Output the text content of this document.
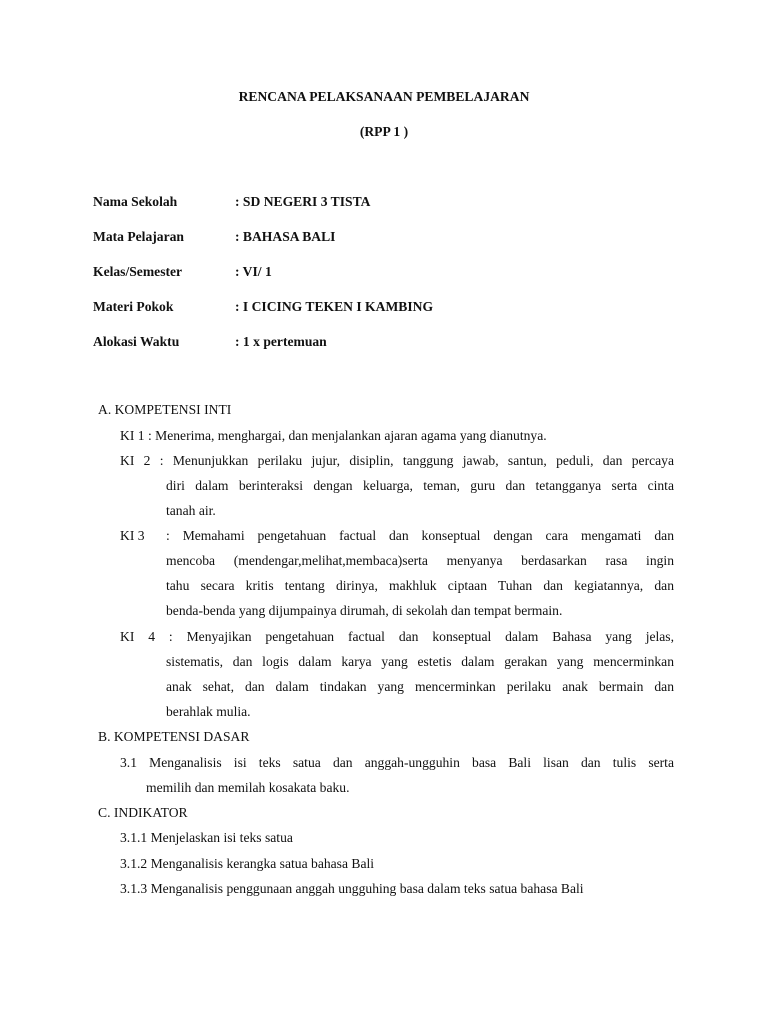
RENCANA PELAKSANAAN PEMBELAJARAN
(RPP 1 )
Nama Sekolah	: SD NEGERI 3 TISTA
Mata Pelajaran	: BAHASA BALI
Kelas/Semester	: VI/ 1
Materi Pokok	: I CICING TEKEN I KAMBING
Alokasi Waktu	: 1 x pertemuan
A. KOMPETENSI INTI
KI 1 : Menerima, menghargai, dan menjalankan ajaran agama yang dianutnya.
KI 2 : Menunjukkan perilaku jujur, disiplin, tanggung jawab, santun, peduli, dan percaya
diri dalam berinteraksi dengan keluarga, teman, guru dan tetangganya serta cinta
tanah air.
KI 3 : Memahami pengetahuan factual dan konseptual dengan cara mengamati dan
mencoba (mendengar,melihat,membaca)serta menyanya berdasarkan rasa ingin
tahu secara kritis tentang dirinya, makhluk ciptaan Tuhan dan kegiatannya, dan
benda-benda yang dijumpainya dirumah, di sekolah dan tempat bermain.
KI 4 : Menyajikan pengetahuan factual dan konseptual dalam Bahasa yang jelas,
sistematis, dan logis dalam karya yang estetis dalam gerakan yang mencerminkan
anak sehat, dan dalam tindakan yang mencerminkan perilaku anak bermain dan
berahlak mulia.
B. KOMPETENSI DASAR
3.1 Menganalisis isi teks satua dan anggah-ungguhin basa Bali lisan dan tulis serta
memilih dan memilah kosakata baku.
C. INDIKATOR
3.1.1 Menjelaskan isi teks satua
3.1.2 Menganalisis kerangka satua bahasa Bali
3.1.3 Menganalisis penggunaan anggah ungguhing basa dalam teks satua bahasa Bali
